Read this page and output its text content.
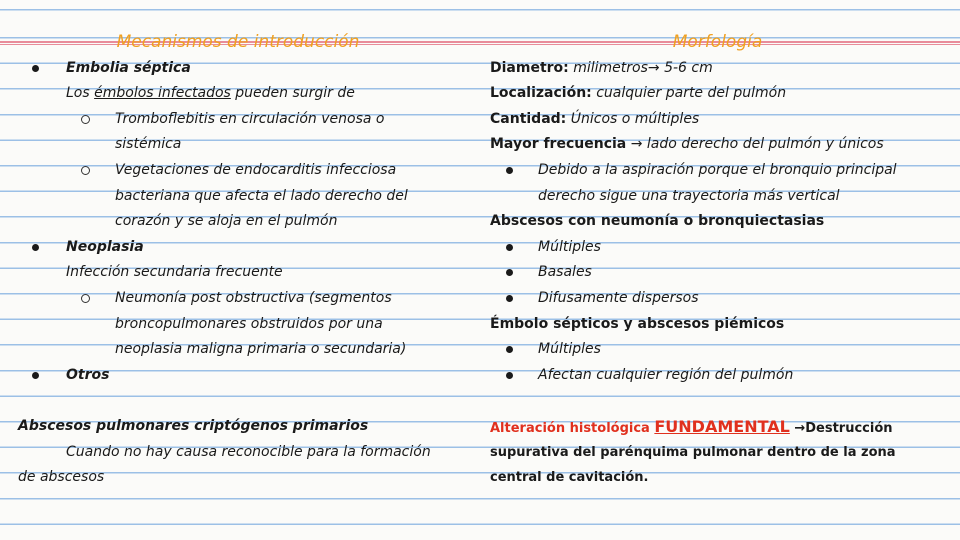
Mecanismos de introducción
Embolia séptica
Los émbolos infectados pueden surgir de
Tromboflebitis en circulación venosa o
sistémica
Vegetaciones de endocarditis infecciosa
bacteriana que afecta el lado derecho del
corazón y se aloja en el pulmón
Neoplasia
Infección secundaria frecuente
Neumonía post obstructiva (segmentos
broncopulmonares obstruidos por una
neoplasia maligna primaria o secundaria)
Otros
Abscesos pulmonares criptógenos primarios
Cuando no hay causa reconocible para la formación
de abscesos
Morfología
Diametro: milimetros→ 5-6 cm
Localización: cualquier parte del pulmón
Cantidad: Únicos o múltiples
Mayor frecuencia → lado derecho del pulmón y únicos
Debido a la aspiración porque el bronquio principal
derecho sigue una trayectoria más vertical
Abscesos con neumonía o bronquiectasias
Múltiples
Basales
Difusamente dispersos
Émbolo sépticos y abscesos piémicos
Múltiples
Afectan cualquier región del pulmón
Alteración histológica FUNDAMENTAL →Destrucción
supurativa del parénquima pulmonar dentro de la zona
central de cavitación.
